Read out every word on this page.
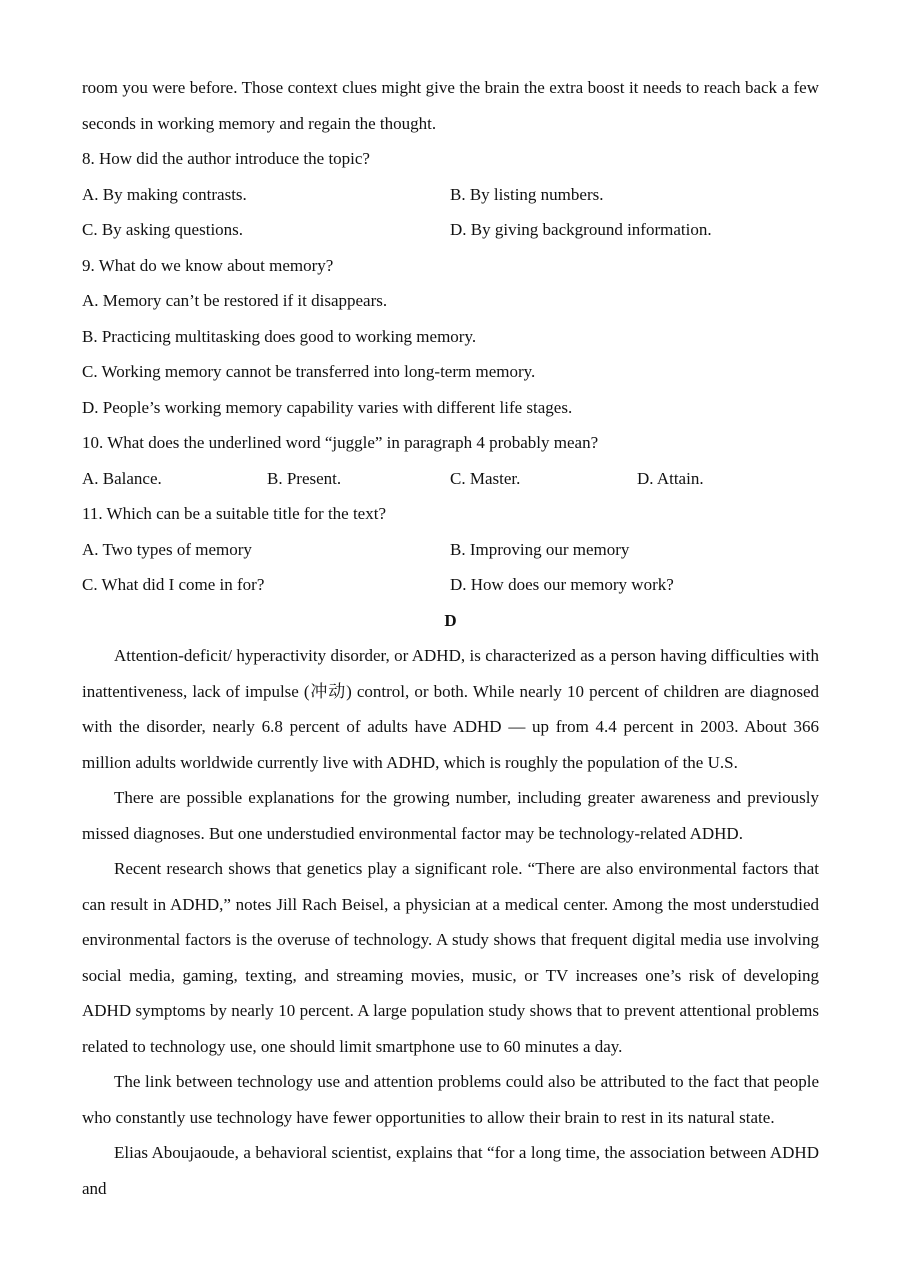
room you were before. Those context clues might give the brain the extra boost it needs to reach back a few seconds in working memory and regain the thought.

8. How did the author introduce the topic?

A. By making contrasts.	B. By listing numbers.
C. By asking questions.	D. By giving background information.

9. What do we know about memory?

A. Memory can’t be restored if it disappears.

B. Practicing multitasking does good to working memory.

C. Working memory cannot be transferred into long-term memory.

D. People’s working memory capability varies with different life stages.

10. What does the underlined word “juggle” in paragraph 4 probably mean?

A. Balance.	B. Present.	C. Master.	D. Attain.

11. Which can be a suitable title for the text?

A. Two types of memory	B. Improving our memory
C. What did I come in for?	D. How does our memory work?

D

Attention-deficit/ hyperactivity disorder, or ADHD, is characterized as a person having difficulties with inattentiveness, lack of impulse (冲动) control, or both. While nearly 10 percent of children are diagnosed with the disorder, nearly 6.8 percent of adults have ADHD — up from 4.4 percent in 2003. About 366 million adults worldwide currently live with ADHD, which is roughly the population of the U.S.

There are possible explanations for the growing number, including greater awareness and previously missed diagnoses. But one understudied environmental factor may be technology-related ADHD.

Recent research shows that genetics play a significant role. “There are also environmental factors that can result in ADHD,” notes Jill Rach Beisel, a physician at a medical center. Among the most understudied environmental factors is the overuse of technology. A study shows that frequent digital media use involving social media, gaming, texting, and streaming movies, music, or TV increases one’s risk of developing ADHD symptoms by nearly 10 percent. A large population study shows that to prevent attentional problems related to technology use, one should limit smartphone use to 60 minutes a day.

The link between technology use and attention problems could also be attributed to the fact that people who constantly use technology have fewer opportunities to allow their brain to rest in its natural state.

Elias Aboujaoude, a behavioral scientist, explains that “for a long time, the association between ADHD and
